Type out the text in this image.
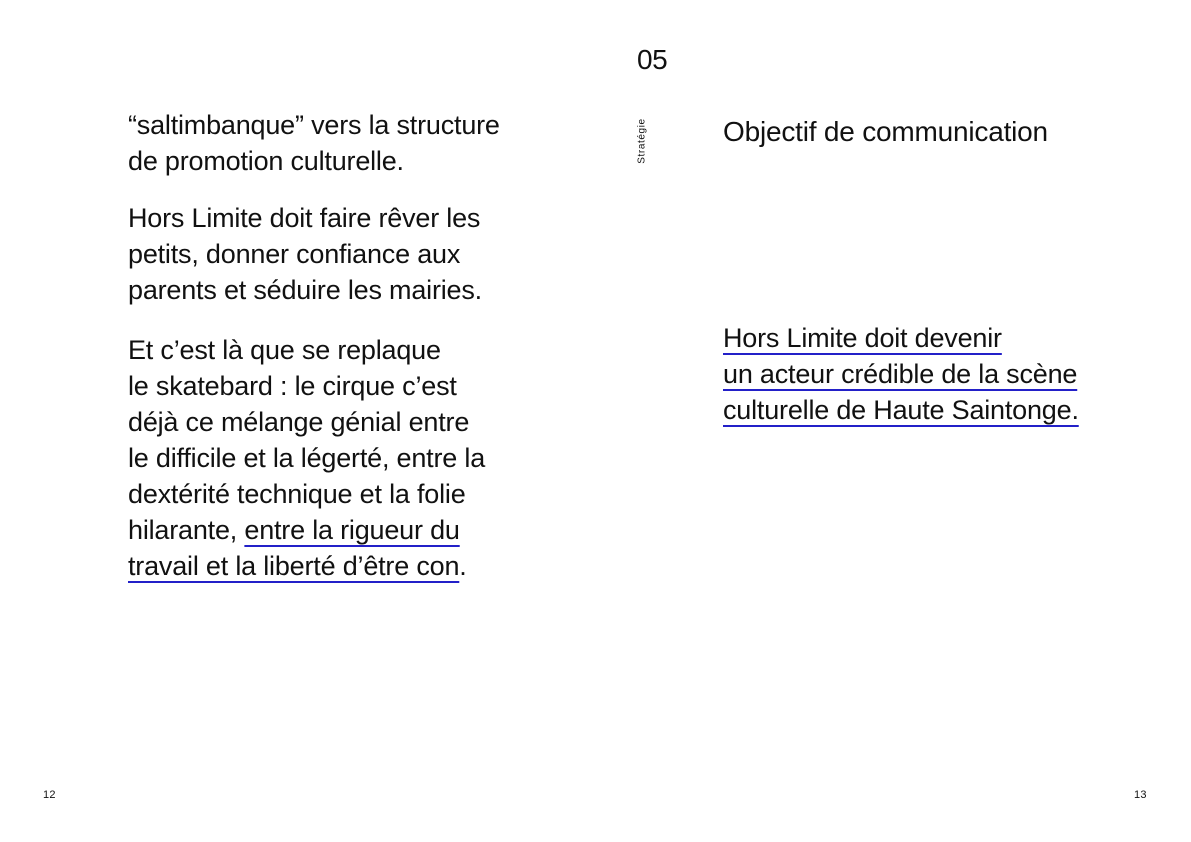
05
Stratégie
“saltimbanque” vers la structure
de promotion culturelle.
Hors Limite doit faire rêver les
petits, donner confiance aux
parents et séduire les mairies.
Et c’est là que se replaque
le skatebard : le cirque c’est
déjà ce mélange génial entre
le difficile et la légerté, entre la
dextérité technique et la folie
hilarante, entre la rigueur du
travail et la liberté d’être con.
Objectif de communication
Hors Limite doit devenir
un acteur crédible de la scène
culturelle de Haute Saintonge.
12	13
